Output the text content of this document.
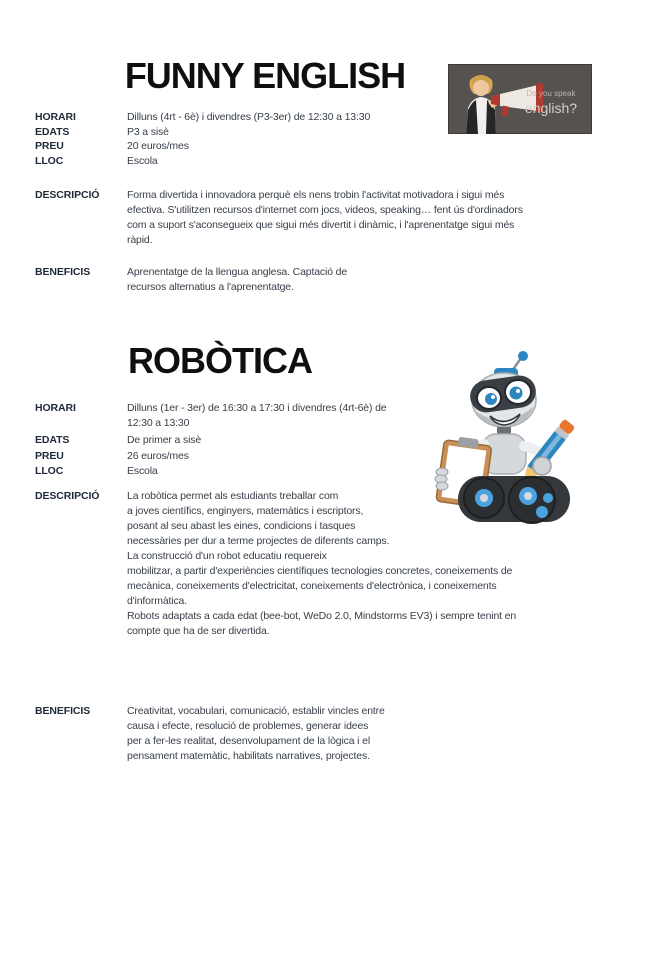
FUNNY ENGLISH	Do you speak
english?
HORARI	Dilluns (4rt - 6è) i divendres (P3-3er) de 12:30 a 13:30
EDATS	P3 a sisè
PREU	20 euros/mes
LLOC	Escola
DESCRIPCIÓ	Forma divertida i innovadora perquè els nens trobin l'activitat motivadora i sigui més
efectiva. S'utilitzen recursos d'internet com jocs, videos, speaking… fent ús d'ordinadors
com a suport s'aconsegueix que sigui més divertit i dinàmic, i l'aprenentatge sigui més
ràpid.
BENEFICIS	Aprenentatge de la llengua anglesa. Captació de
recursos alternatius a l'aprenentatge.
ROBÒTICA
HORARI	Dilluns (1er - 3er) de 16:30 a 17:30 i divendres (4rt-6è) de
12:30 a 13:30
EDATS	De primer a sisè
PREU	26 euros/mes
LLOC	Escola
DESCRIPCIÓ	La robòtica permet als estudiants treballar com
a joves científics, enginyers, matemàtics i escriptors,
posant al seu abast les eines, condicions i tasques
necessàries per dur a terme projectes de diferents camps.
La construcció d'un robot educatiu requereix
mobilitzar, a partir d'experiències científiques tecnologies concretes, coneixements de
mecànica, coneixements d'electricitat, coneixements d'electrònica, i coneixements
d'informàtica.
Robots adaptats a cada edat (bee-bot, WeDo 2.0, Mindstorms EV3) i sempre tenint en
compte que ha de ser divertida.
BENEFICIS	Creativitat, vocabulari, comunicació, establir vincles entre
causa i efecte, resolució de problemes, generar idees
per a fer-les realitat, desenvolupament de la lògica i el
pensament matemàtic, habilitats narratives, projectes.
